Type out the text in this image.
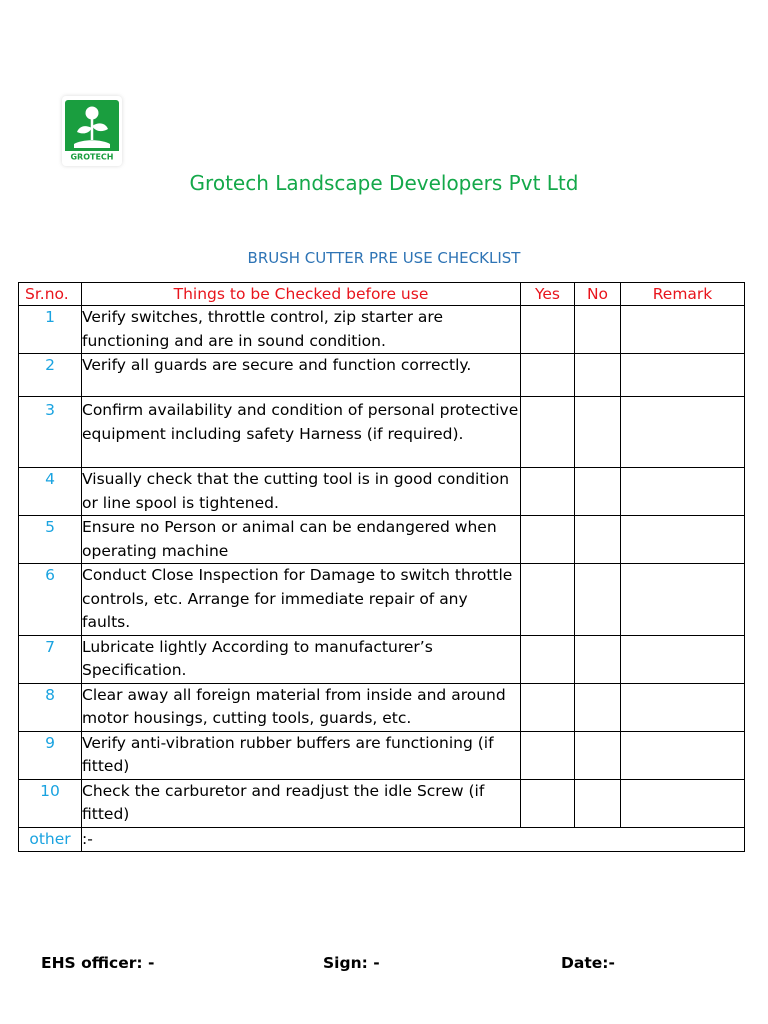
GROTECH
Grotech Landscape Developers Pvt Ltd
BRUSH CUTTER PRE USE CHECKLIST
Sr.no.	Things to be Checked before use	Yes	No	Remark
1	Verify switches, throttle control, zip starter are functioning and are in sound condition.			
2	Verify all guards are secure and function correctly.			
3	Confirm availability and condition of personal protective equipment including safety Harness (if required).			
4	Visually check that the cutting tool is in good condition or line spool is tightened.			
5	Ensure no Person or animal can be endangered when operating machine			
6	Conduct Close Inspection for Damage to switch throttle controls, etc. Arrange for immediate repair of any faults.			
7	Lubricate lightly According to manufacturer’s Specification.			
8	Clear away all foreign material from inside and around motor housings, cutting tools, guards, etc.			
9	Verify anti-vibration rubber buffers are functioning (if fitted)			
10	Check the carburetor and readjust the idle Screw (if fitted)			
other	:-			
EHS officer: -	Sign: -	Date:-
